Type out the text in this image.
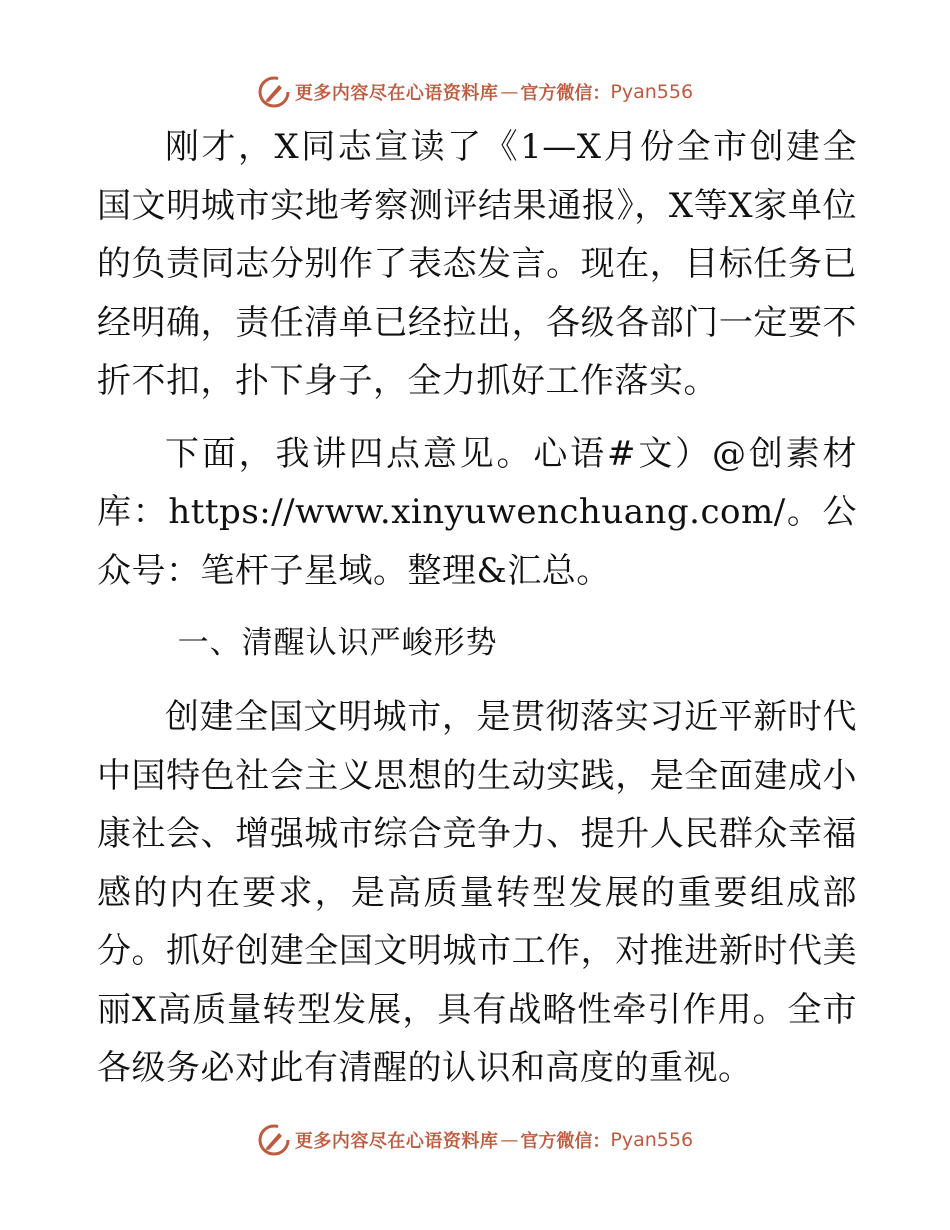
更多内容尽在心语资料库 — 官方微信： Pyan556

刚才，X同志宣读了《1—X月份全市创建全国文明城市实地考察测评结果通报》，X等X家单位的负责同志分别作了表态发言。现在，目标任务已经明确，责任清单已经拉出，各级各部门一定要不折不扣，扑下身子，全力抓好工作落实。

下面，我讲四点意见。心语#文）@创素材库：https://www.xinyuwenchuang.com/。公众号：笔杆子星域。整理&汇总。

一、清醒认识严峻形势

创建全国文明城市，是贯彻落实习近平新时代中国特色社会主义思想的生动实践，是全面建成小康社会、增强城市综合竞争力、提升人民群众幸福感的内在要求，是高质量转型发展的重要组成部分。抓好创建全国文明城市工作，对推进新时代美丽X高质量转型发展，具有战略性牵引作用。全市各级务必对此有清醒的认识和高度的重视。

更多内容尽在心语资料库 — 官方微信： Pyan556
